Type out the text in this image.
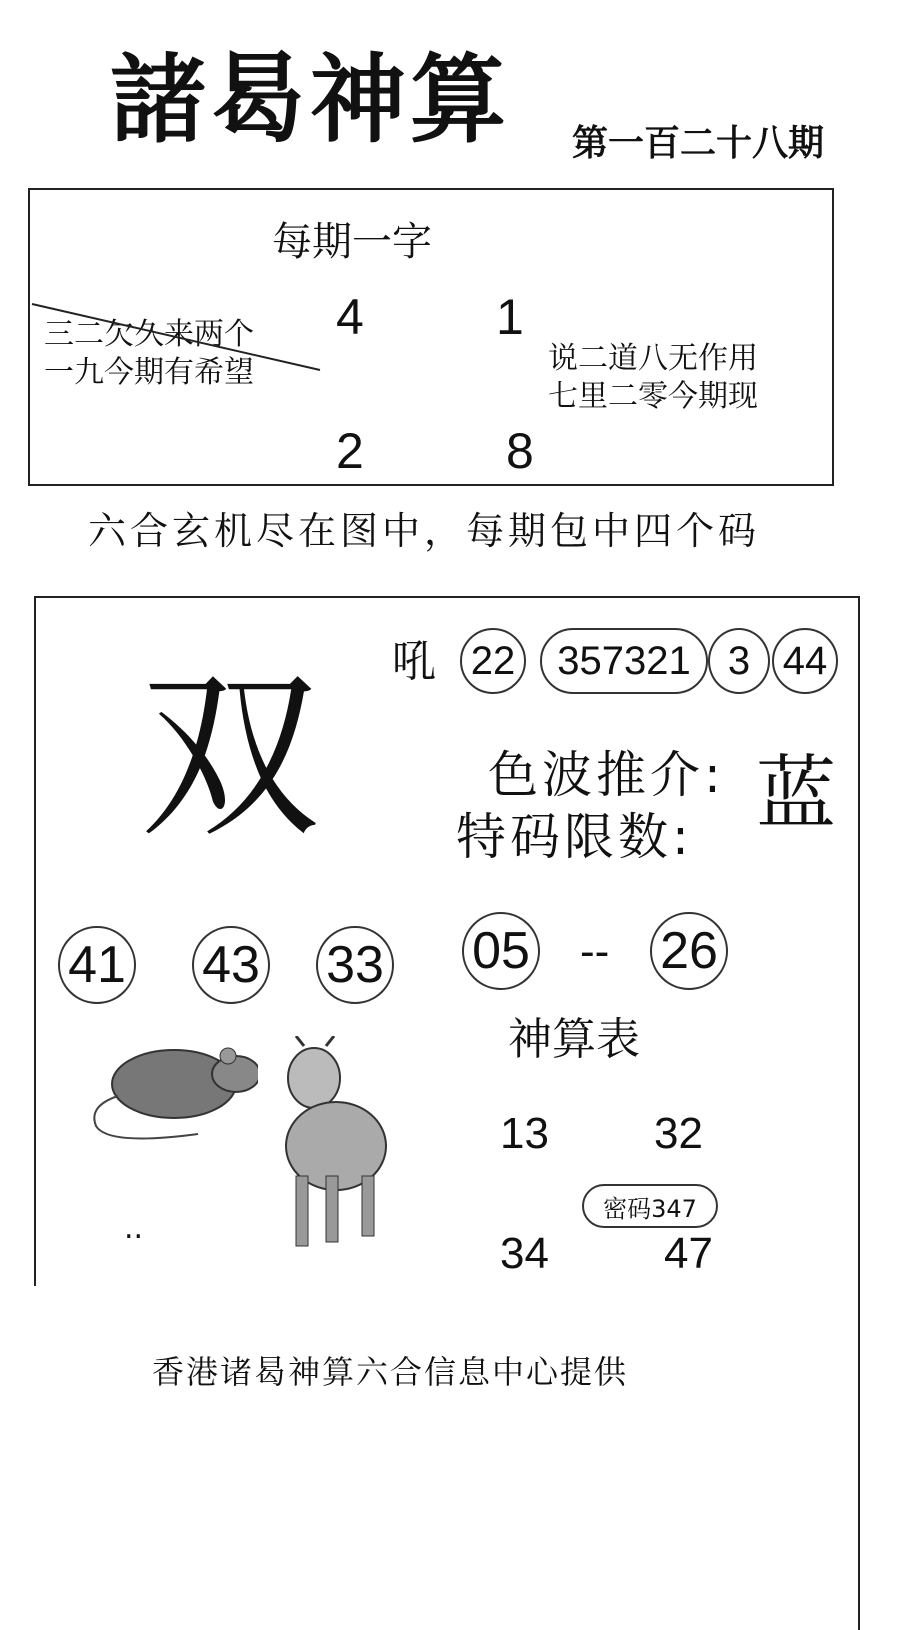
諸曷神算 第一百二十八期
每期一字
4	1
2	8
三二欠久来两个
一九今期有希望	说二道八无作用
七里二零今期现
六合玄机尽在图中，每期包中四个码
双 吼 22	357321 3 44
色波推介: 蓝
特码限数:
41 43 33 05 -- 26
..
神算表
13 32
密码347
34	47
香港诸曷神算六合信息中心提供
